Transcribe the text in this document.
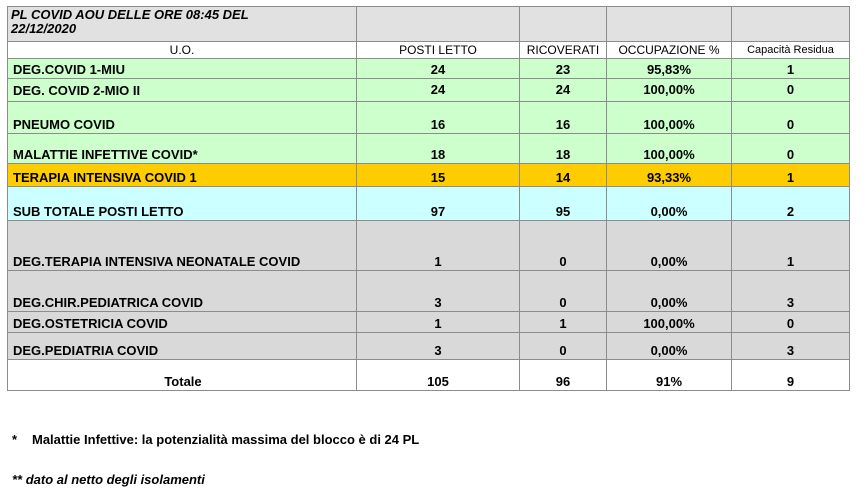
PL COVID AOU DELLE ORE 08:45 DEL
22/12/2020				

U.O.	POSTI LETTO	RICOVERATI	OCCUPAZIONE %	Capacità Residua
DEG.COVID 1-MIU	24	23	95,83%	1
DEG. COVID 2-MIO II	24	24	100,00%	0
PNEUMO COVID	16	16	100,00%	0
MALATTIE INFETTIVE COVID*	18	18	100,00%	0
TERAPIA INTENSIVA COVID 1	15	14	93,33%	1
SUB TOTALE POSTI LETTO	97	95	0,00%	2
DEG.TERAPIA INTENSIVA NEONATALE COVID	1	0	0,00%	1
DEG.CHIR.PEDIATRICA COVID	3	0	0,00%	3
DEG.OSTETRICIA COVID	1	1	100,00%	0
DEG.PEDIATRIA COVID	3	0	0,00%	3
Totale	105	96	91%	9
* Malattie Infettive: la potenzialità massima del blocco è di 24 PL
** dato al netto degli isolamenti
